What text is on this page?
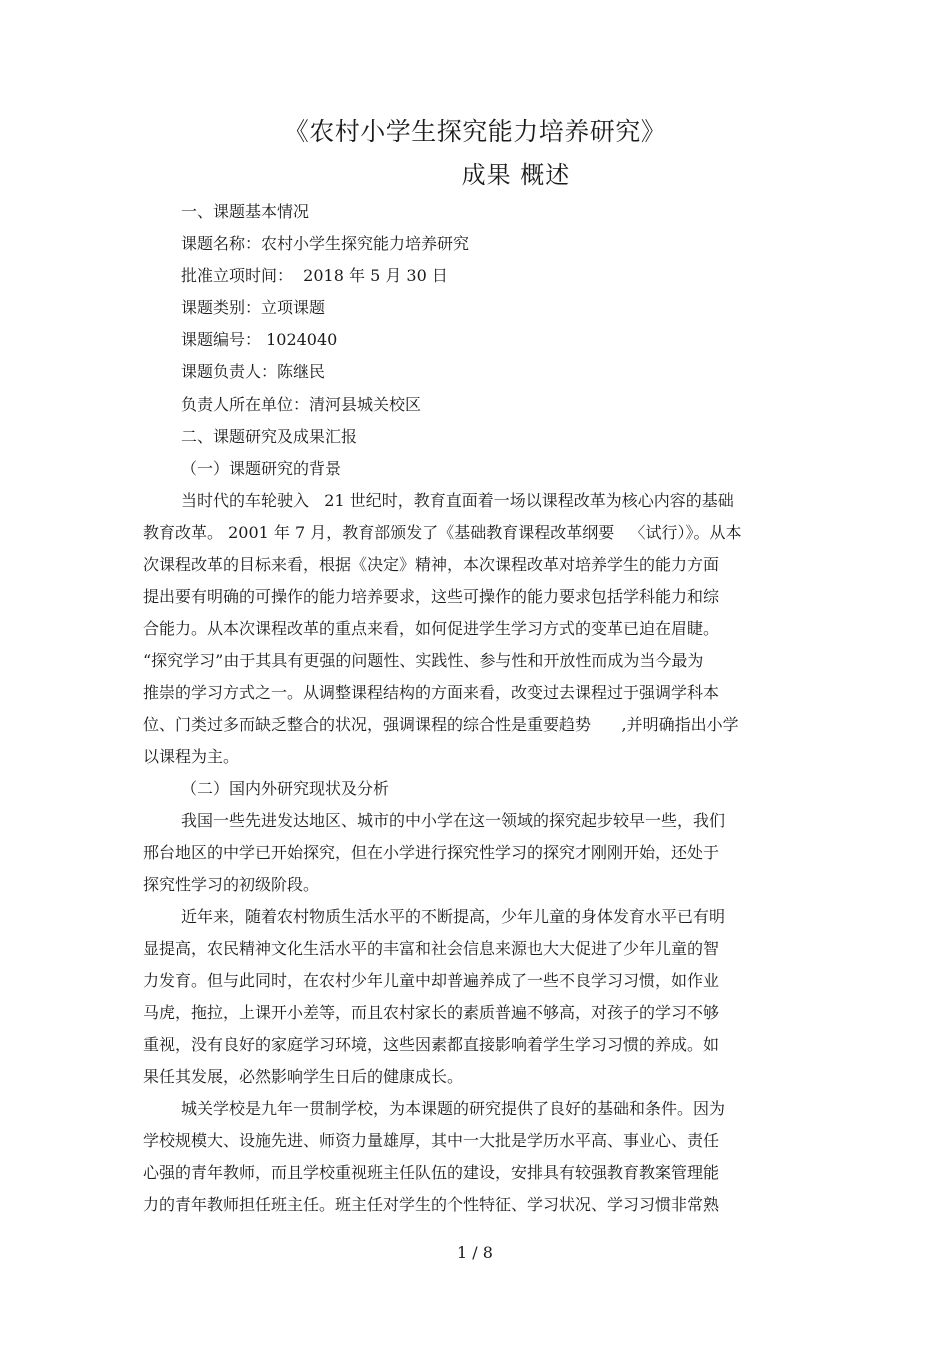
《农村小学生探究能力培养研究》
成果 概述
一、课题基本情况
课题名称：农村小学生探究能力培养研究
批准立项时间：  2018 年 5 月 30 日
课题类别：立项课题
课题编号： 1024040
课题负责人：陈继民
负责人所在单位：清河县城关校区
二、课题研究及成果汇报
（一）课题研究的背景
当时代的车轮驶入   21 世纪时，教育直面着一场以课程改革为核心内容的基础
教育改革。 2001 年 7 月，教育部颁发了《基础教育课程改革纲要   〈试行）》。从本
次课程改革的目标来看，根据《决定》精神，本次课程改革对培养学生的能力方面
提出要有明确的可操作的能力培养要求，这些可操作的能力要求包括学科能力和综
合能力。从本次课程改革的重点来看，如何促进学生学习方式的变革已迫在眉睫。
“探究学习”由于其具有更强的问题性、实践性、参与性和开放性而成为当今最为
推崇的学习方式之一。从调整课程结构的方面来看，改变过去课程过于强调学科本
位、门类过多而缺乏整合的状况，强调课程的综合性是重要趋势      ,并明确指出小学
以课程为主。
（二）国内外研究现状及分析
我国一些先进发达地区、城市的中小学在这一领域的探究起步较早一些，我们
邢台地区的中学已开始探究，但在小学进行探究性学习的探究才刚刚开始，还处于
探究性学习的初级阶段。
近年来，随着农村物质生活水平的不断提高，少年儿童的身体发育水平已有明
显提高，农民精神文化生活水平的丰富和社会信息来源也大大促进了少年儿童的智
力发育。但与此同时，在农村少年儿童中却普遍养成了一些不良学习习惯，如作业
马虎，拖拉，上课开小差等，而且农村家长的素质普遍不够高，对孩子的学习不够
重视，没有良好的家庭学习环境，这些因素都直接影响着学生学习习惯的养成。如
果任其发展，必然影响学生日后的健康成长。
城关学校是九年一贯制学校，为本课题的研究提供了良好的基础和条件。因为
学校规模大、设施先进、师资力量雄厚，其中一大批是学历水平高、事业心、责任
心强的青年教师，而且学校重视班主任队伍的建设，安排具有较强教育教案管理能
力的青年教师担任班主任。班主任对学生的个性特征、学习状况、学习习惯非常熟
1 / 8
